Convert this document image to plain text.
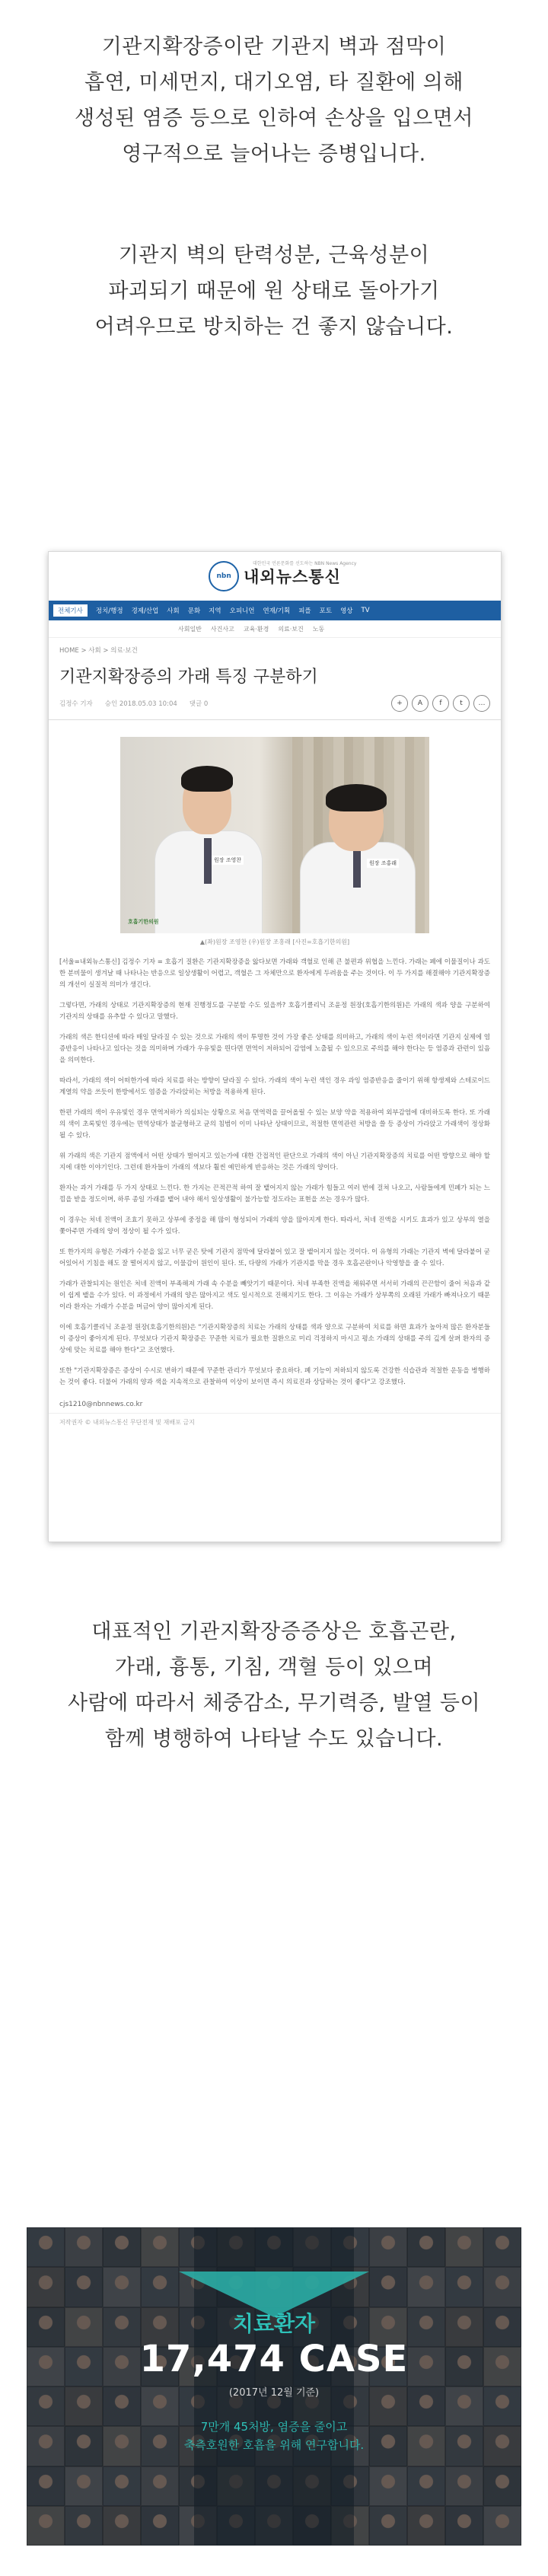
기관지확장증이란 기관지 벽과 점막이

흡연, 미세먼지, 대기오염, 타 질환에 의해

생성된 염증 등으로 인하여 손상을 입으면서

영구적으로 늘어나는 증병입니다.

기관지 벽의 탄력성분, 근육성분이

파괴되기 때문에 원 상태로 돌아가기

어려우므로 방치하는 건 좋지 않습니다.

nbn
대한민국 언론문화를 선도하는 NBN News Agency
내외뉴스통신
전체기사	정치/행정 경제/산업 사회 문화 지역 오피니언 연재/기획 피플 포토 영상 TV
사회일반 사건사고 교육·환경 의료·보건 노동
HOME > 사회 > 의료·보건
기관지확장증의 가래 특징 구분하기
김정수 기자 승인 2018.05.03 10:04 댓글 0	+	A	f	t	…
원장 조영찬	원장 조홍래
호흡기한의원
▲(좌)원장 조영찬 (우)원장 조홍래 [사진=호흡기한의원]

[서울=내외뉴스통신] 김정수 기자 = 호흡기 질환은 기관지확장증을 앓다보면 가래와 객혈로 인해 큰 불편과 위협을 느낀다. 가래는 폐에 이물질이나 과도한 분비물이 생겨날 때 나타나는 반응으로 일상생활이 어렵고, 객혈은 그 자체만으로 환자에게 두려움을 주는 것이다. 이 두 가지를 해결해야 기관지확장증의 개선이 실질적 의미가 생긴다.

그렇다면, 가래의 상태로 기관지확장증의 현재 진행정도를 구분할 수도 있을까? 호흡기클리닉 조윤정 원장(호흡기한의원)은 가래의 색과 양을 구분하여 기관지의 상태를 유추할 수 있다고 말했다.

가래의 색은 한디션에 따라 매일 달라질 수 있는 것으로 가래의 색이 투명한 것이 가장 좋은 상태를 의미하고, 가래의 색이 누런 색이라면 기관지 실제에 염증반응이 나타나고 있다는 것을 의미하며 가래가 우유빛을 띈다면 면역이 저하되어 감염에 노출될 수 있으므로 주의를 해야 한다는 등 염증과 관련이 있음을 의미한다.

따라서, 가래의 색이 어떠한가에 따라 치료를 하는 방향이 달라질 수 있다. 가래의 색이 누런 색인 경우 과잉 염증반응을 줄이기 위해 항생제와 스테로이드 계열의 약을 쓰듯이 한방에서도 염증을 가라앉히는 처방을 적용하게 된다.

한편 가래의 색이 우유빛인 경우 면역저하가 의심되는 상황으로 처음 면역력을 끌어올릴 수 있는 보양 약을 적용하여 외부감염에 대비하도록 한다. 또 가래의 색이 초록빛인 경우에는 면역상태가 불균형하고 균의 침범이 이미 나타난 상태이므로, 적절한 면역관련 처방을 쓸 등 증상이 가라앉고 가래색이 정상화될 수 있다.

위 가래의 색은 기관지 점액에서 어떤 상태가 벌어지고 있는가에 대한 간접적인 판단으로 가래의 색이 아닌 기관지확장증의 치료를 어떤 방향으로 해야 할지에 대한 이야기인다. 그런데 환자들이 가래의 색보다 훨씬 예민하게 반응하는 것은 가래의 양이다.

환자는 과거 가래를 두 가지 상태로 느낀다. 한 가지는 끈적끈적 하여 잘 뱉어지지 않는 가래가 힘들고 여러 번에 걸쳐 나오고, 사람들에게 민폐가 되는 느낌을 받을 정도이며, 하루 종일 가래를 뱉어 내야 해서 일상생활이 불가능할 정도라는 표현을 쓰는 경우가 많다.

이 경우는 처네 진액이 조효기 못하고 상부에 중정을 해 많이 형성되어 가래의 양을 많아지게 한다. 따라서, 처네 진액을 시키도 효과가 있고 상부의 열을 쫓아주면 가래의 양이 정상이 될 수가 있다.

또 한가지의 유형은 가래가 수분을 잃고 너무 굳은 탓에 기관지 점막에 달라붙어 있고 잘 뱉어지지 않는 것이다. 이 유형의 가래는 기관지 벽에 달라붙어 굳어있어서 기침을 해도 잘 떨어지지 않고, 이물감이 원인이 된다. 또, 다량의 가래가 기관지를 막을 경우 호흡곤란이나 악영향을 줄 수 있다.

가래가 관찰되지는 원인은 처네 진액이 부족해져 가래 속 수분을 빼앗기기 때문이다. 처네 부족한 진액을 채워주면 서서히 가래의 끈끈함이 줄어 처음과 같이 쉽게 뱉을 수가 있다. 이 과정에서 가래의 양은 많아지고 색도 일시적으로 진해지기도 한다. 그 이유는 가래가 상부쪽의 오래된 가래가 빠져나오기 때문이라 환자는 가래가 수분을 머금어 양이 많아지게 된다.

이에 호흡기클리닉 조윤정 원장(호흡기한의원)은 "기관지확장증의 치료는 가래의 상태를 색과 양으로 구분하여 치료를 하면 효과가 높아져 많은 환자분들이 증상이 좋아지게 된다. 무엇보다 기관지 확장증은 꾸준한 치료가 필요한 질환으로 미리 걱정하지 마시고 평소 가래의 상태를 주의 깊게 살펴 환자의 증상에 맞는 치료를 해야 한다"고 조언했다.

또한 "기관지확장증은 증상이 수시로 변하기 때문에 꾸준한 관리가 무엇보다 중요하다. 폐 기능이 저하되지 않도록 건강한 식습관과 적절한 운동을 병행하는 것이 좋다. 더불어 가래의 양과 색을 지속적으로 관찰하여 이상이 보이면 즉시 의료진과 상담하는 것이 좋다"고 강조했다.

cjs1210@nbnnews.co.kr
저작권자 © 내외뉴스통신 무단전재 및 재배포 금지

대표적인 기관지확장증증상은 호흡곤란,

가래, 흉통, 기침, 객혈 등이 있으며

사람에 따라서 체중감소, 무기력증, 발열 등이

함께 병행하여 나타날 수도 있습니다.

치료환자
17,474 CASE
(2017년 12월 기준)

7만개 45처방, 염증을 줄이고

축측호원한 호흡을 위해 연구합니다.
